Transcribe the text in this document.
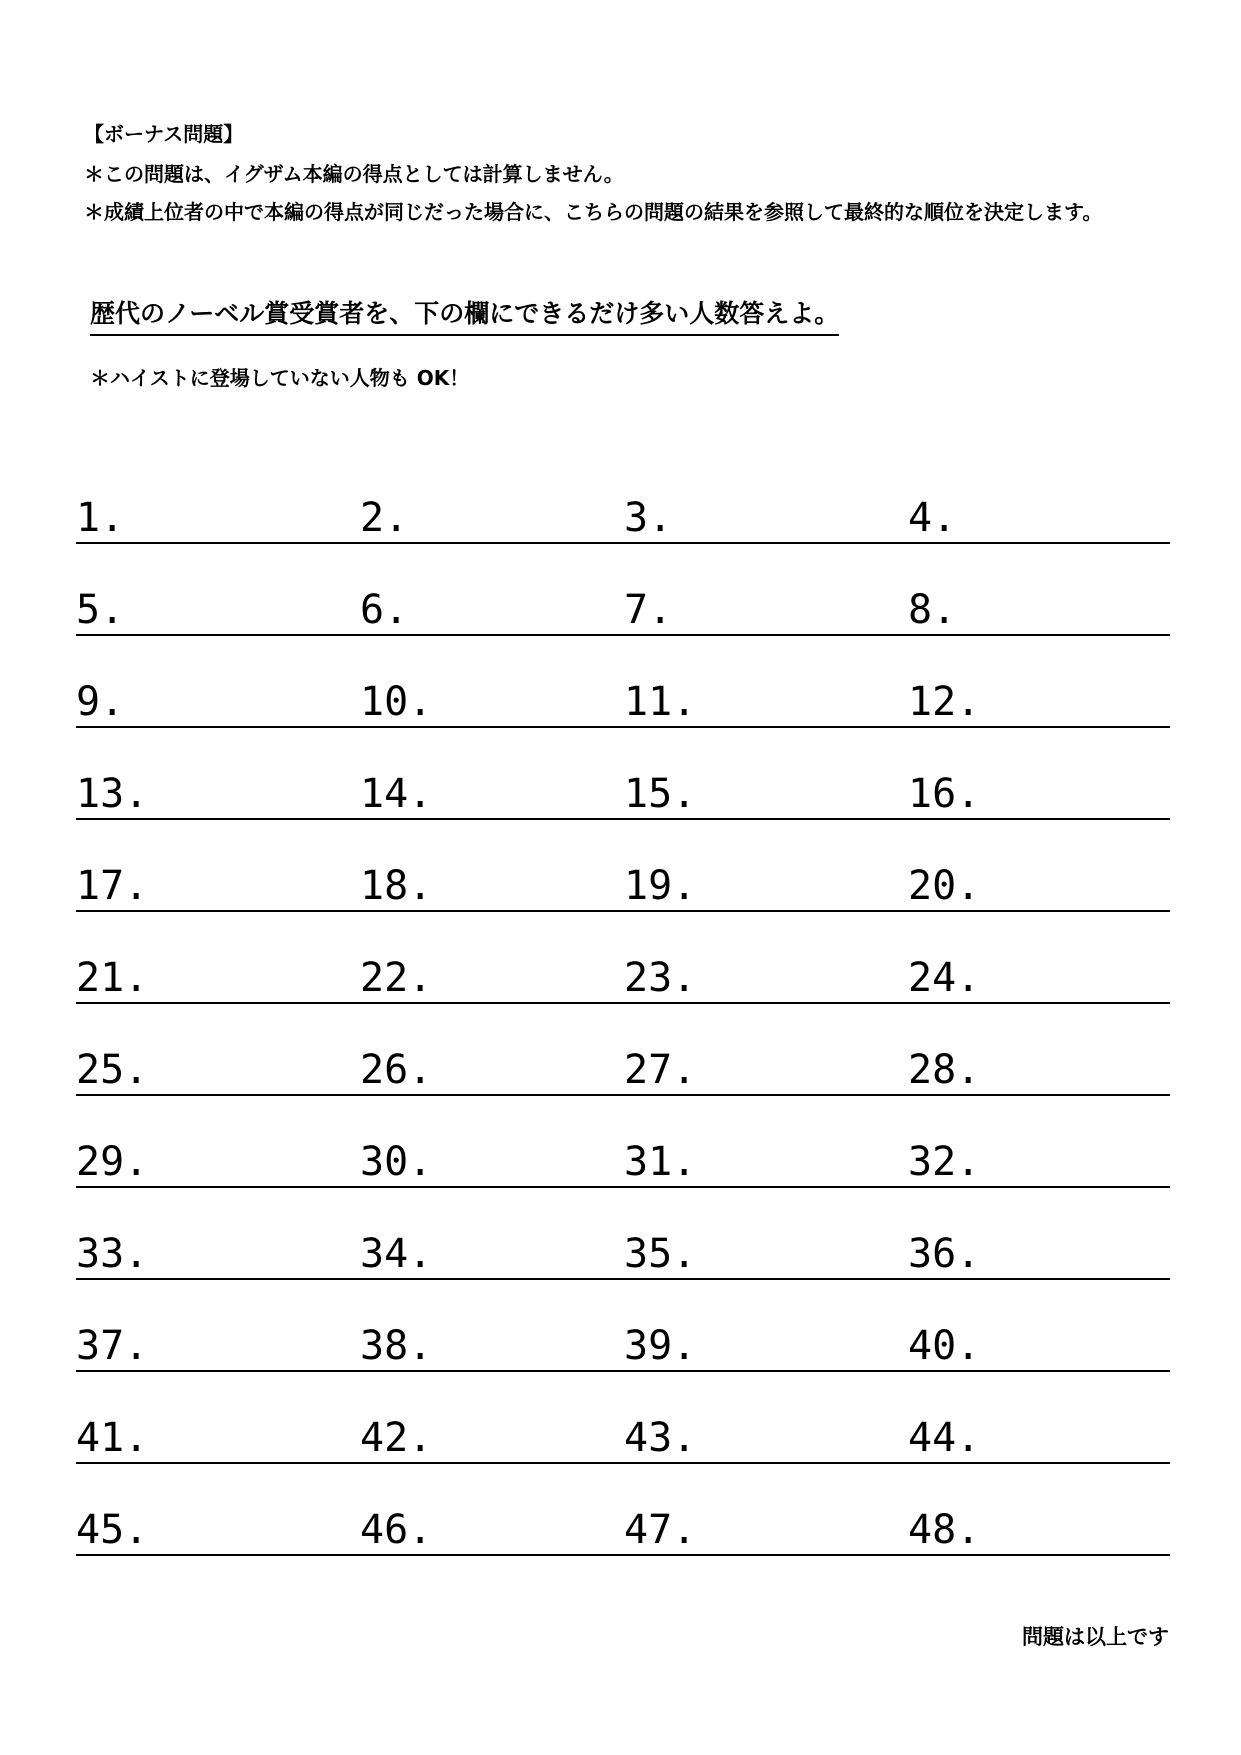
【ボーナス問題】
＊この問題は、イグザム本編の得点としては計算しません。
＊成績上位者の中で本編の得点が同じだった場合に、こちらの問題の結果を参照して最終的な順位を決定します。
歴代のノーベル賞受賞者を、下の欄にできるだけ多い人数答えよ。
＊ハイストに登場していない人物も OK！
1.	2.	3.	4.
5.	6.	7.	8.
9.	10.	11.	12.
13.	14.	15.	16.
17.	18.	19.	20.
21.	22.	23.	24.
25.	26.	27.	28.
29.	30.	31.	32.
33.	34.	35.	36.
37.	38.	39.	40.
41.	42.	43.	44.
45.	46.	47.	48.
問題は以上です
